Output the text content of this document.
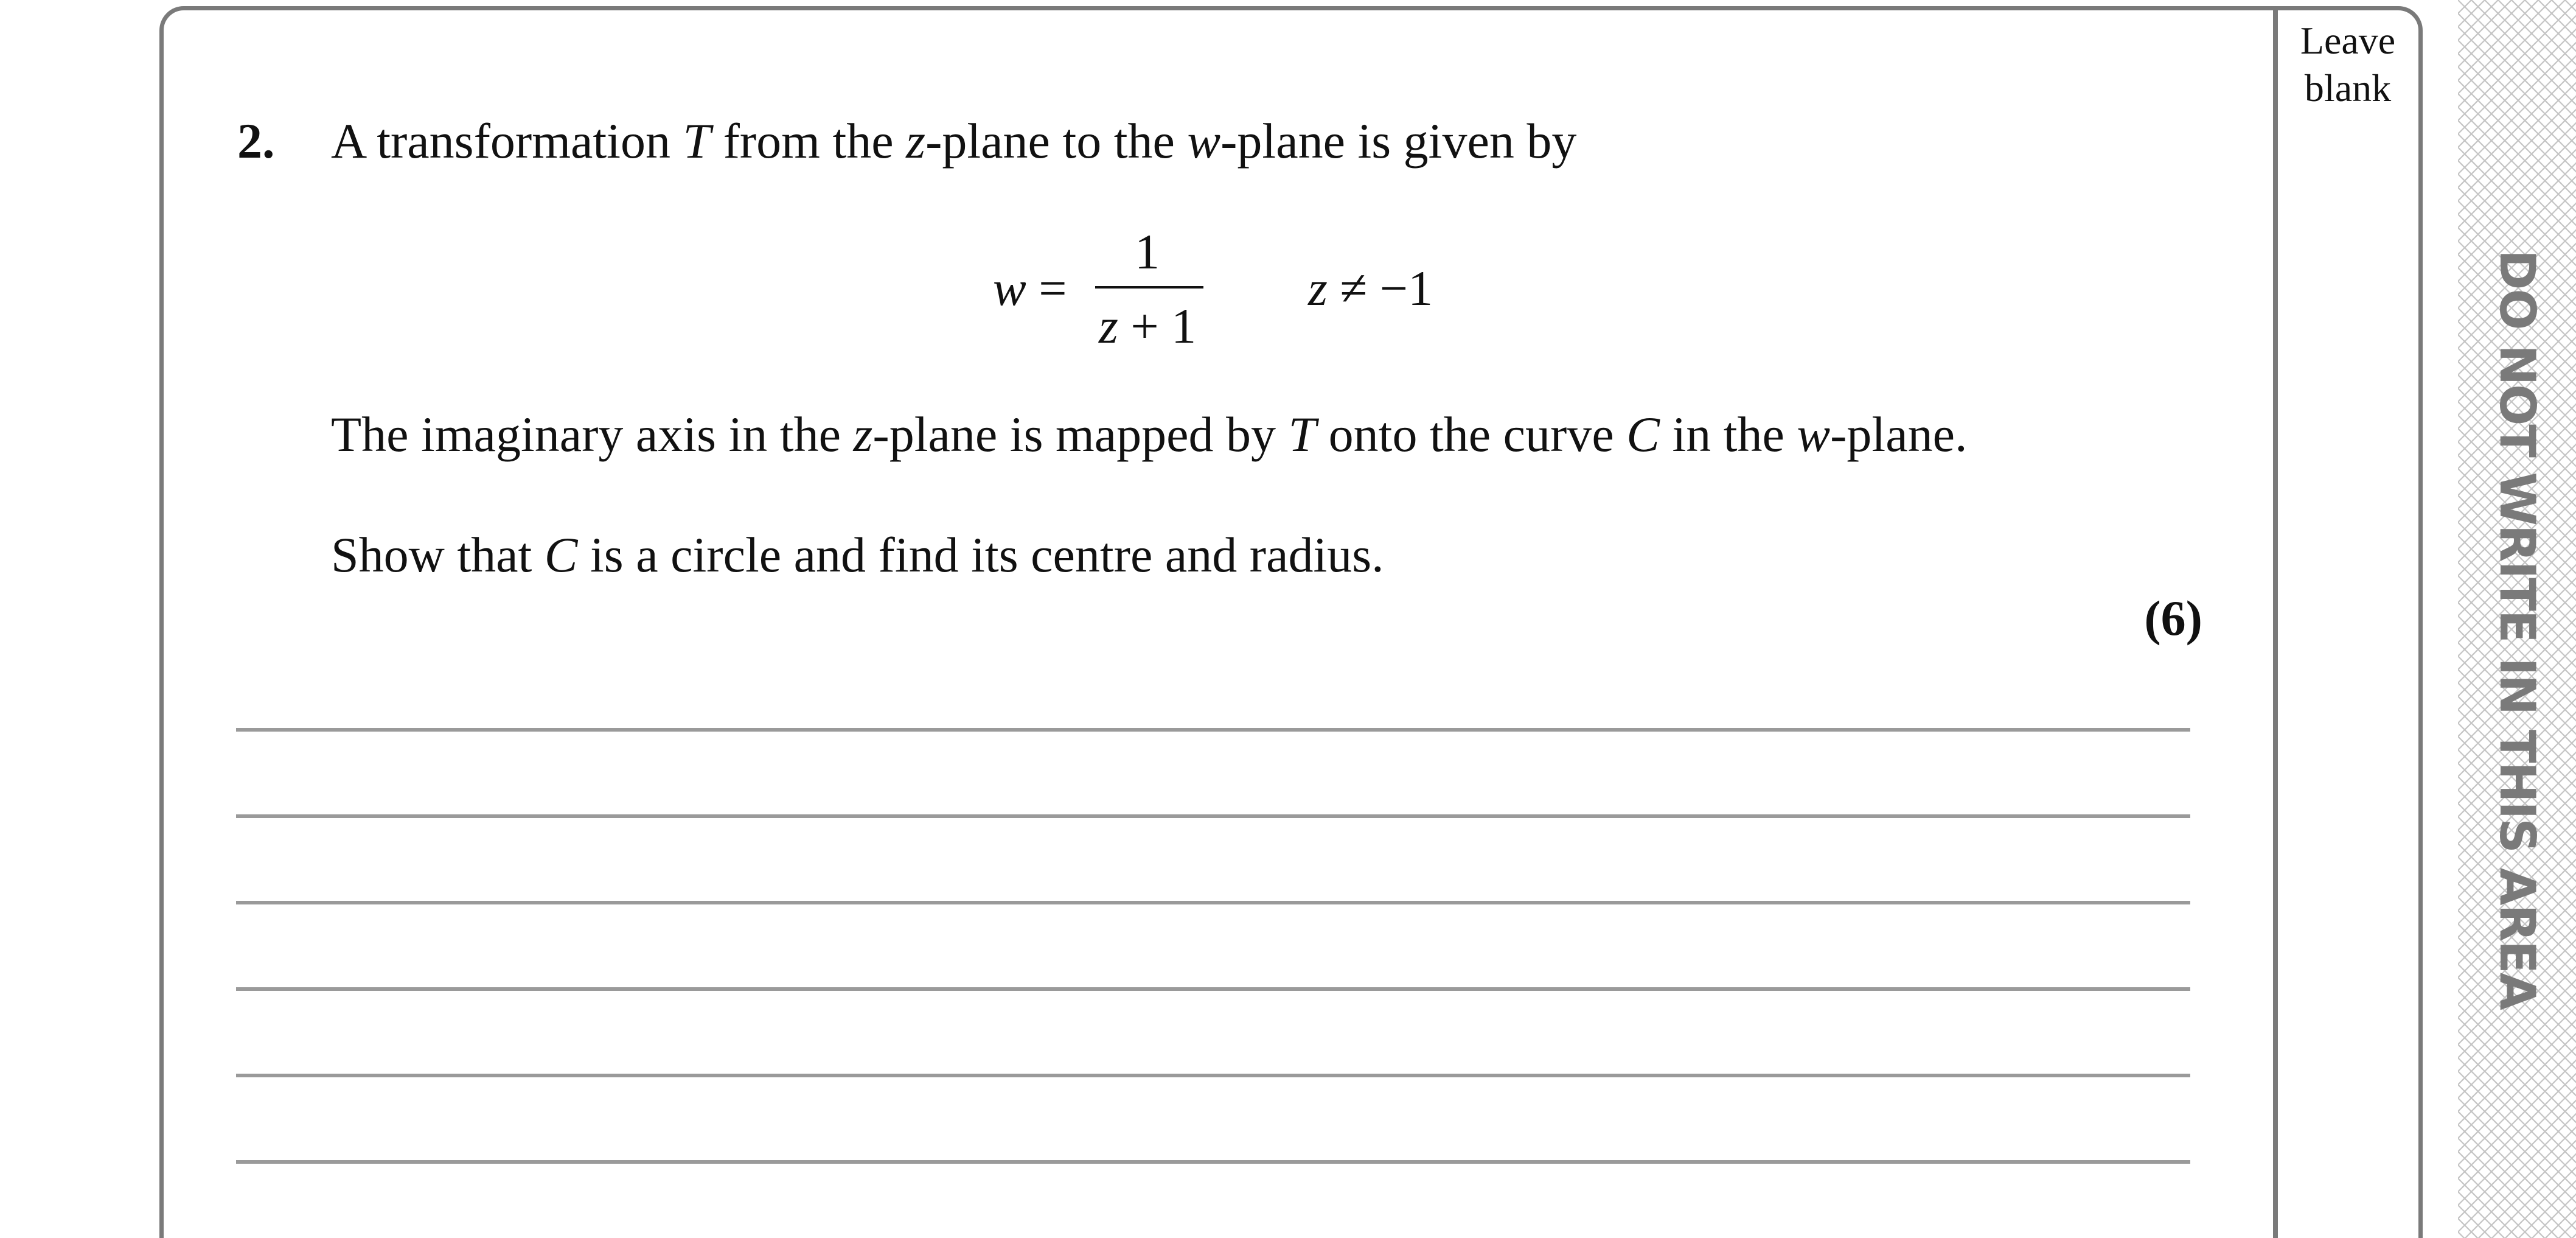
Leave
blank
DO NOT WRITE IN THIS AREA
2. A transformation T from the z-plane to the w-plane is given by
w =
1
z + 1
z ≠ −1
The imaginary axis in the z-plane is mapped by T onto the curve C in the w-plane.
Show that C is a circle and find its centre and radius.
(6)
